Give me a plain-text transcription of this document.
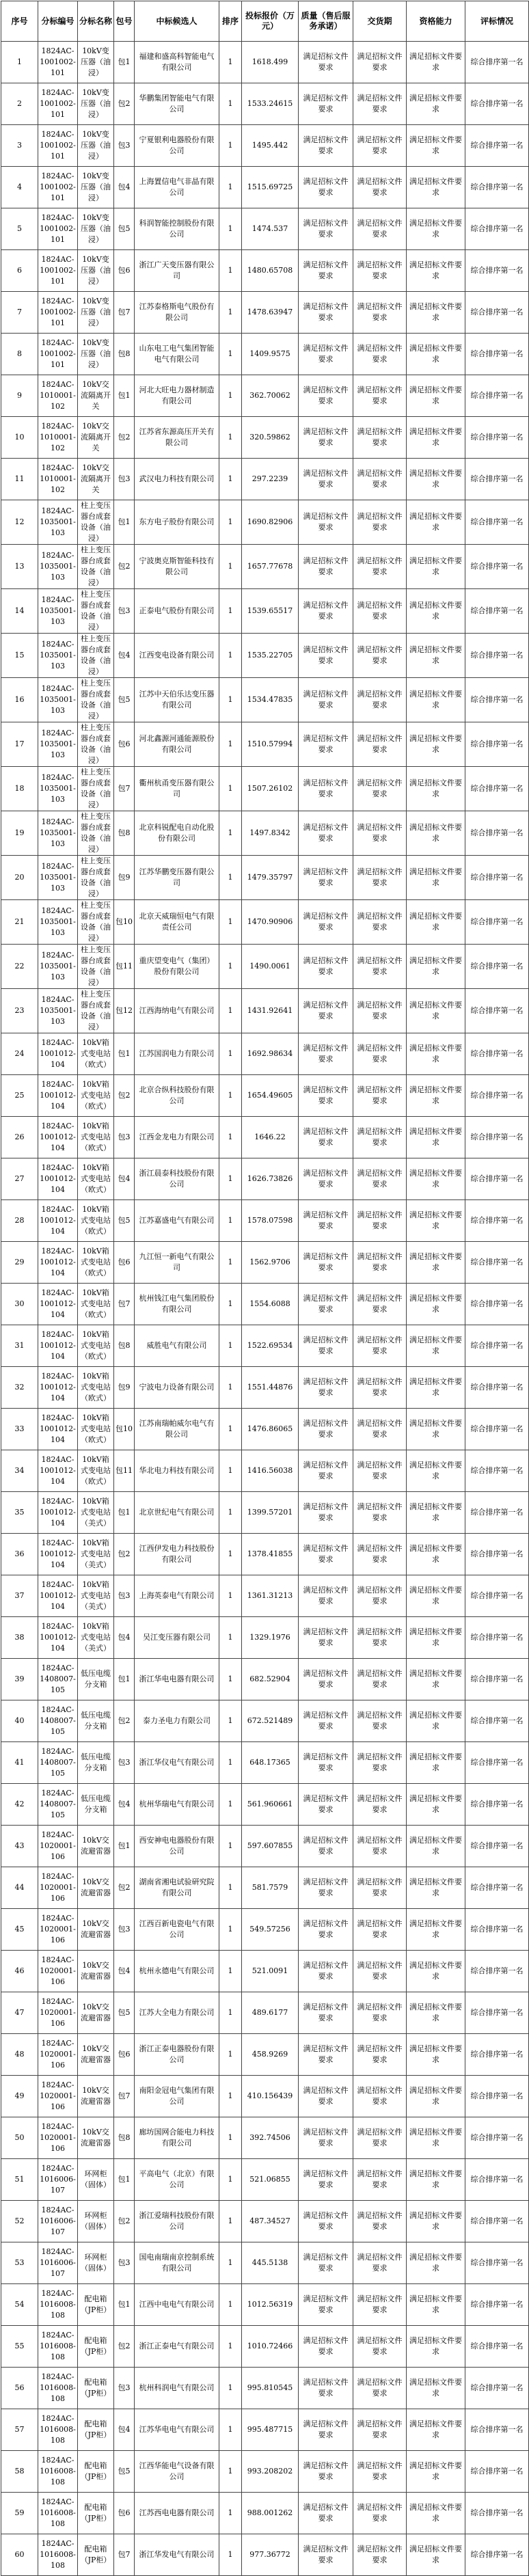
序号	分标编号	分标名称	包号	中标候选人	排序	投标报价（万元）	质量（售后服务承诺）	交货期	资格能力	评标情况
1	1824AC-1001002-101	10kV变压器（油浸）	包1	福建和盛高科智能电气有限公司	1	1618.499	满足招标文件要求	满足招标文件要求	满足招标文件要求	综合排序第一名
2	1824AC-1001002-101	10kV变压器（油浸）	包2	华鹏集团智能电气有限公司	1	1533.24615	满足招标文件要求	满足招标文件要求	满足招标文件要求	综合排序第一名
3	1824AC-1001002-101	10kV变压器（油浸）	包3	宁夏银利电器股份有限公司	1	1495.442	满足招标文件要求	满足招标文件要求	满足招标文件要求	综合排序第一名
4	1824AC-1001002-101	10kV变压器（油浸）	包4	上海置信电气非晶有限公司	1	1515.69725	满足招标文件要求	满足招标文件要求	满足招标文件要求	综合排序第一名
5	1824AC-1001002-101	10kV变压器（油浸）	包5	科润智能控制股份有限公司	1	1474.537	满足招标文件要求	满足招标文件要求	满足招标文件要求	综合排序第一名
6	1824AC-1001002-101	10kV变压器（油浸）	包6	浙江广天变压器有限公司	1	1480.65708	满足招标文件要求	满足招标文件要求	满足招标文件要求	综合排序第一名
7	1824AC-1001002-101	10kV变压器（油浸）	包7	江苏泰格斯电气股份有限公司	1	1478.63947	满足招标文件要求	满足招标文件要求	满足招标文件要求	综合排序第一名
8	1824AC-1001002-101	10kV变压器（油浸）	包8	山东电工电气集团智能电气有限公司	1	1409.9575	满足招标文件要求	满足招标文件要求	满足招标文件要求	综合排序第一名
9	1824AC-1010001-102	10kV交流隔离开关	包1	河北大旺电力器材制造有限公司	1	362.70062	满足招标文件要求	满足招标文件要求	满足招标文件要求	综合排序第一名
10	1824AC-1010001-102	10kV交流隔离开关	包2	江苏省东源高压开关有限公司	1	320.59862	满足招标文件要求	满足招标文件要求	满足招标文件要求	综合排序第一名
11	1824AC-1010001-102	10kV交流隔离开关	包3	武汉电力科技有限公司	1	297.2239	满足招标文件要求	满足招标文件要求	满足招标文件要求	综合排序第一名
12	1824AC-1035001-103	柱上变压器台成套设备（油浸）	包1	东方电子股份有限公司	1	1690.82906	满足招标文件要求	满足招标文件要求	满足招标文件要求	综合排序第一名
13	1824AC-1035001-103	柱上变压器台成套设备（油浸）	包2	宁波奥克斯智能科技有限公司	1	1657.77678	满足招标文件要求	满足招标文件要求	满足招标文件要求	综合排序第一名
14	1824AC-1035001-103	柱上变压器台成套设备（油浸）	包3	正泰电气股份有限公司	1	1539.65517	满足招标文件要求	满足招标文件要求	满足招标文件要求	综合排序第一名
15	1824AC-1035001-103	柱上变压器台成套设备（油浸）	包4	江西变电设备有限公司	1	1535.22705	满足招标文件要求	满足招标文件要求	满足招标文件要求	综合排序第一名
16	1824AC-1035001-103	柱上变压器台成套设备（油浸）	包5	江苏中天伯乐达变压器有限公司	1	1534.47835	满足招标文件要求	满足招标文件要求	满足招标文件要求	综合排序第一名
17	1824AC-1035001-103	柱上变压器台成套设备（油浸）	包6	河北鑫源河通能源股份有限公司	1	1510.57994	满足招标文件要求	满足招标文件要求	满足招标文件要求	综合排序第一名
18	1824AC-1035001-103	柱上变压器台成套设备（油浸）	包7	衢州杭甬变压器有限公司	1	1507.26102	满足招标文件要求	满足招标文件要求	满足招标文件要求	综合排序第一名
19	1824AC-1035001-103	柱上变压器台成套设备（油浸）	包8	北京科锐配电自动化股份有限公司	1	1497.8342	满足招标文件要求	满足招标文件要求	满足招标文件要求	综合排序第一名
20	1824AC-1035001-103	柱上变压器台成套设备（油浸）	包9	江苏华鹏变压器有限公司	1	1479.35797	满足招标文件要求	满足招标文件要求	满足招标文件要求	综合排序第一名
21	1824AC-1035001-103	柱上变压器台成套设备（油浸）	包10	北京天威瑞恒电气有限责任公司	1	1470.90906	满足招标文件要求	满足招标文件要求	满足招标文件要求	综合排序第一名
22	1824AC-1035001-103	柱上变压器台成套设备（油浸）	包11	重庆望变电气（集团）股份有限公司	1	1490.0061	满足招标文件要求	满足招标文件要求	满足招标文件要求	综合排序第一名
23	1824AC-1035001-103	柱上变压器台成套设备（油浸）	包12	江西海纳电气有限公司	1	1431.92641	满足招标文件要求	满足招标文件要求	满足招标文件要求	综合排序第一名
24	1824AC-1001012-104	10kV箱式变电站（欧式）	包1	江苏国润电力有限公司	1	1692.98634	满足招标文件要求	满足招标文件要求	满足招标文件要求	综合排序第一名
25	1824AC-1001012-104	10kV箱式变电站（欧式）	包2	北京合纵科技股份有限公司	1	1654.49605	满足招标文件要求	满足招标文件要求	满足招标文件要求	综合排序第一名
26	1824AC-1001012-104	10kV箱式变电站（欧式）	包3	江西金龙电力有限公司	1	1646.22	满足招标文件要求	满足招标文件要求	满足招标文件要求	综合排序第一名
27	1824AC-1001012-104	10kV箱式变电站（欧式）	包4	浙江晨泰科技股份有限公司	1	1626.73826	满足招标文件要求	满足招标文件要求	满足招标文件要求	综合排序第一名
28	1824AC-1001012-104	10kV箱式变电站（欧式）	包5	江苏嘉盛电气有限公司	1	1578.07598	满足招标文件要求	满足招标文件要求	满足招标文件要求	综合排序第一名
29	1824AC-1001012-104	10kV箱式变电站（欧式）	包6	九江恒一新电气有限公司	1	1562.9706	满足招标文件要求	满足招标文件要求	满足招标文件要求	综合排序第一名
30	1824AC-1001012-104	10kV箱式变电站（欧式）	包7	杭州钱江电气集团股份有限公司	1	1554.6088	满足招标文件要求	满足招标文件要求	满足招标文件要求	综合排序第一名
31	1824AC-1001012-104	10kV箱式变电站（欧式）	包8	威胜电气有限公司	1	1522.69534	满足招标文件要求	满足招标文件要求	满足招标文件要求	综合排序第一名
32	1824AC-1001012-104	10kV箱式变电站（欧式）	包9	宁波电力设备有限公司	1	1551.44876	满足招标文件要求	满足招标文件要求	满足招标文件要求	综合排序第一名
33	1824AC-1001012-104	10kV箱式变电站（欧式）	包10	江苏南瑞帕威尔电气有限公司	1	1476.86065	满足招标文件要求	满足招标文件要求	满足招标文件要求	综合排序第一名
34	1824AC-1001012-104	10kV箱式变电站（欧式）	包11	华北电力科技有限公司	1	1416.56038	满足招标文件要求	满足招标文件要求	满足招标文件要求	综合排序第一名
35	1824AC-1001012-104	10kV箱式变电站（美式）	包1	北京世纪电气有限公司	1	1399.57201	满足招标文件要求	满足招标文件要求	满足招标文件要求	综合排序第一名
36	1824AC-1001012-104	10kV箱式变电站（美式）	包2	江西伊发电力科技股份有限公司	1	1378.41855	满足招标文件要求	满足招标文件要求	满足招标文件要求	综合排序第一名
37	1824AC-1001012-104	10kV箱式变电站（美式）	包3	上海英泰电气有限公司	1	1361.31213	满足招标文件要求	满足招标文件要求	满足招标文件要求	综合排序第一名
38	1824AC-1001012-104	10kV箱式变电站（美式）	包4	吴江变压器有限公司	1	1329.1976	满足招标文件要求	满足招标文件要求	满足招标文件要求	综合排序第一名
39	1824AC-1408007-105	低压电缆分支箱	包1	浙江华电电器有限公司	1	682.52904	满足招标文件要求	满足招标文件要求	满足招标文件要求	综合排序第一名
40	1824AC-1408007-105	低压电缆分支箱	包2	泰力圣电力有限公司	1	672.521489	满足招标文件要求	满足招标文件要求	满足招标文件要求	综合排序第一名
41	1824AC-1408007-105	低压电缆分支箱	包3	浙江华仪电气有限公司	1	648.17365	满足招标文件要求	满足招标文件要求	满足招标文件要求	综合排序第一名
42	1824AC-1408007-105	低压电缆分支箱	包4	杭州华瑞电气有限公司	1	561.960661	满足招标文件要求	满足招标文件要求	满足招标文件要求	综合排序第一名
43	1824AC-1020001-106	10kV交流避雷器	包1	西安神电电器股份有限公司	1	597.607855	满足招标文件要求	满足招标文件要求	满足招标文件要求	综合排序第一名
44	1824AC-1020001-106	10kV交流避雷器	包2	湖南省湘电试验研究院有限公司	1	581.7579	满足招标文件要求	满足招标文件要求	满足招标文件要求	综合排序第一名
45	1824AC-1020001-106	10kV交流避雷器	包3	江西百新电瓷电气有限公司	1	549.57256	满足招标文件要求	满足招标文件要求	满足招标文件要求	综合排序第一名
46	1824AC-1020001-106	10kV交流避雷器	包4	杭州永德电气有限公司	1	521.0091	满足招标文件要求	满足招标文件要求	满足招标文件要求	综合排序第一名
47	1824AC-1020001-106	10kV交流避雷器	包5	江苏大全电力有限公司	1	489.6177	满足招标文件要求	满足招标文件要求	满足招标文件要求	综合排序第一名
48	1824AC-1020001-106	10kV交流避雷器	包6	浙江正泰电器股份有限公司	1	458.9269	满足招标文件要求	满足招标文件要求	满足招标文件要求	综合排序第一名
49	1824AC-1020001-106	10kV交流避雷器	包7	南阳金冠电气集团有限公司	1	410.156439	满足招标文件要求	满足招标文件要求	满足招标文件要求	综合排序第一名
50	1824AC-1020001-106	10kV交流避雷器	包8	廊坊国网合能电力科技有限公司	1	392.74506	满足招标文件要求	满足招标文件要求	满足招标文件要求	综合排序第一名
51	1824AC-1016006-107	环网柜（固体）	包1	平高电气（北京）有限公司	1	521.06855	满足招标文件要求	满足招标文件要求	满足招标文件要求	综合排序第一名
52	1824AC-1016006-107	环网柜（固体）	包2	浙江爱瑞科技股份有限公司	1	487.34527	满足招标文件要求	满足招标文件要求	满足招标文件要求	综合排序第一名
53	1824AC-1016006-107	环网柜（固体）	包3	国电南瑞南京控制系统有限公司	1	445.5138	满足招标文件要求	满足招标文件要求	满足招标文件要求	综合排序第一名
54	1824AC-1016008-108	配电箱（JP柜）	包1	江西中电电气有限公司	1	1012.56319	满足招标文件要求	满足招标文件要求	满足招标文件要求	综合排序第一名
55	1824AC-1016008-108	配电箱（JP柜）	包2	浙江正泰电气有限公司	1	1010.72466	满足招标文件要求	满足招标文件要求	满足招标文件要求	综合排序第一名
56	1824AC-1016008-108	配电箱（JP柜）	包3	杭州科润电气有限公司	1	995.810545	满足招标文件要求	满足招标文件要求	满足招标文件要求	综合排序第一名
57	1824AC-1016008-108	配电箱（JP柜）	包4	江苏华电电气有限公司	1	995.487715	满足招标文件要求	满足招标文件要求	满足招标文件要求	综合排序第一名
58	1824AC-1016008-108	配电箱（JP柜）	包5	江西华能电气设备有限公司	1	993.208202	满足招标文件要求	满足招标文件要求	满足招标文件要求	综合排序第一名
59	1824AC-1016008-108	配电箱（JP柜）	包6	江苏西电电器有限公司	1	988.001262	满足招标文件要求	满足招标文件要求	满足招标文件要求	综合排序第一名
60	1824AC-1016008-108	配电箱（JP柜）	包7	浙江华发电气有限公司	1	977.36772	满足招标文件要求	满足招标文件要求	满足招标文件要求	综合排序第一名
